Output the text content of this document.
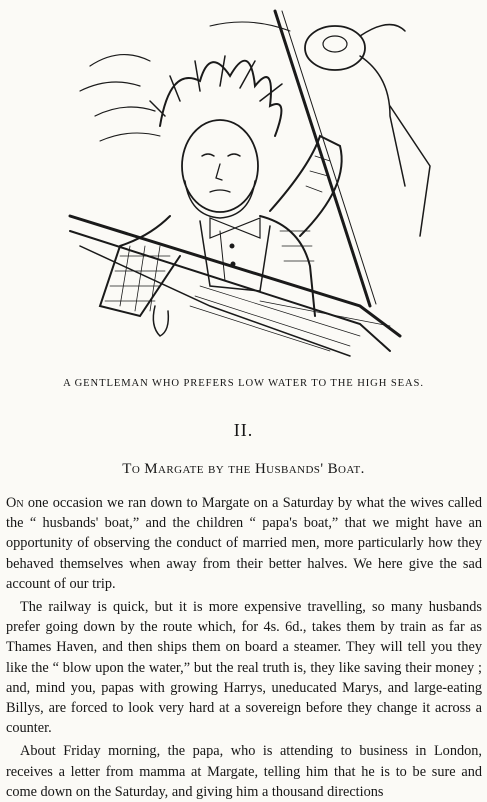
A GENTLEMAN WHO PREFERS LOW WATER TO THE HIGH SEAS.
II.
To Margate by the Husbands' Boat.

On one occasion we ran down to Margate on a Saturday by what the wives called the “ husbands' boat,” and the children “ papa's boat,” that we might have an opportunity of observing the conduct of married men, more particularly how they behaved themselves when away from their better halves. We here give the sad account of our trip.

The railway is quick, but it is more expensive travelling, so many husbands prefer going down by the route which, for 4s. 6d., takes them by train as far as Thames Haven, and then ships them on board a steamer. They will tell you they like the “ blow upon the water,” but the real truth is, they like saving their money ; and, mind you, papas with growing Harrys, uneducated Marys, and large-eating Billys, are forced to look very hard at a sovereign before they change it across a counter.

About Friday morning, the papa, who is attending to business in London, receives a letter from mamma at Margate, telling him that he is to be sure and come down on the Saturday, and giving him a thousand directions
